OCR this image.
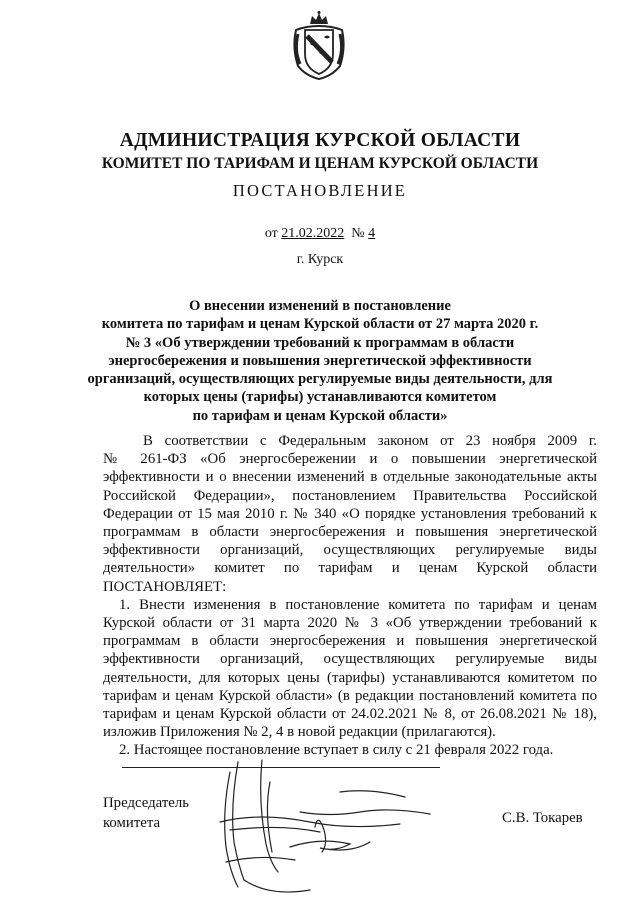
АДМИНИСТРАЦИЯ КУРСКОЙ ОБЛАСТИ
КОМИТЕТ ПО ТАРИФАМ И ЦЕНАМ КУРСКОЙ ОБЛАСТИ
ПОСТАНОВЛЕНИЕ
от 21.02.2022 № 4
г. Курск
О внесении изменений в постановление
комитета по тарифам и ценам Курской области от 27 марта 2020 г.
№ 3 «Об утверждении требований к программам в области
энергосбережения и повышения энергетической эффективности
организаций, осуществляющих регулируемые виды деятельности, для
которых цены (тарифы) устанавливаются комитетом
по тарифам и ценам Курской области»
В соответствии с Федеральным законом от 23 ноября 2009 г.
№ 261-ФЗ «Об энергосбережении и о повышении энергетической
эффективности и о внесении изменений в отдельные законодательные акты
Российской Федерации», постановлением Правительства Российской
Федерации от 15 мая 2010 г. № 340 «О порядке установления требований к
программам в области энергосбережения и повышения энергетической
эффективности организаций, осуществляющих регулируемые виды
деятельности» комитет по тарифам и ценам Курской области
ПОСТАНОВЛЯЕТ:
1. Внести изменения в постановление комитета по тарифам и ценам
Курской области от 31 марта 2020 № 3 «Об утверждении требований к
программам в области энергосбережения и повышения энергетической
эффективности организаций, осуществляющих регулируемые виды
деятельности, для которых цены (тарифы) устанавливаются комитетом по
тарифам и ценам Курской области» (в редакции постановлений комитета по
тарифам и ценам Курской области от 24.02.2021 № 8, от 26.08.2021 № 18),
изложив Приложения № 2, 4 в новой редакции (прилагаются).
2. Настоящее постановление вступает в силу с 21 февраля 2022 года.
Председатель
комитета	С.В. Токарев
